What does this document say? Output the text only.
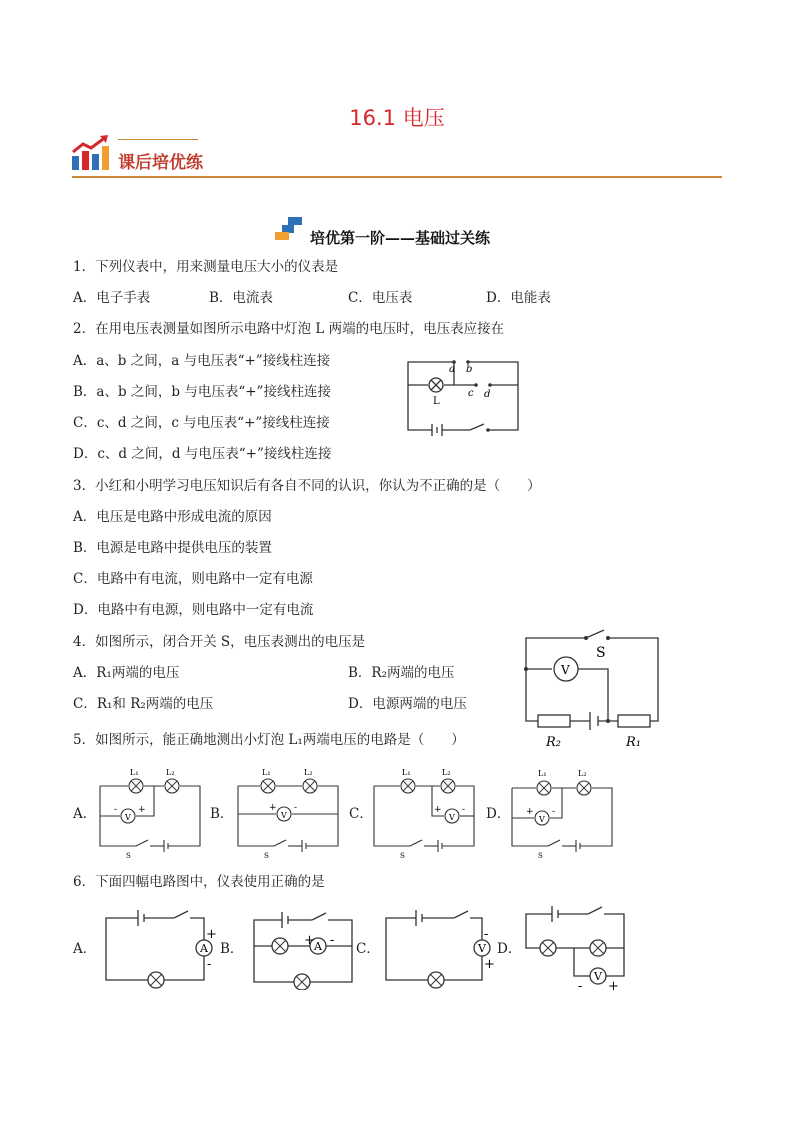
16.1 电压
课后培优练
培优第一阶——基础过关练
1．下列仪表中，用来测量电压大小的仪表是
A．电子手表	B．电流表	C．电压表	D．电能表
2．在用电压表测量如图所示电路中灯泡 L 两端的电压时，电压表应接在
A．a、b 之间，a 与电压表“+”接线柱连接
B．a、b 之间，b 与电压表“+”接线柱连接
C．c、d 之间，c 与电压表“+”接线柱连接
D．c、d 之间，d 与电压表“+”接线柱连接
a b
c d
L
3．小红和小明学习电压知识后有各自不同的认识，你认为不正确的是（　　）
A．电压是电路中形成电流的原因
B．电源是电路中提供电压的装置
C．电路中有电流，则电路中一定有电源
D．电路中有电源，则电路中一定有电流
4．如图所示，闭合开关 S，电压表测出的电压是
A．R₁两端的电压	B．R₂两端的电压
C．R₁和 R₂两端的电压	D．电源两端的电压
V
S
R₂	R₁
5．如图所示，能正确地测出小灯泡 L₁两端电压的电路是（　　）
A．	B．	C．	D．
L₁	L₂
V
- +
S
L₁	L₂
V
+ -
S
L₁	L₂
V
+ -
S
L₁	L₂
V
+ -
S
6．下面四幅电路图中，仪表使用正确的是
A．	B．	C．	D．
A
+
-
A
+ -
V
-
+
V
- +
